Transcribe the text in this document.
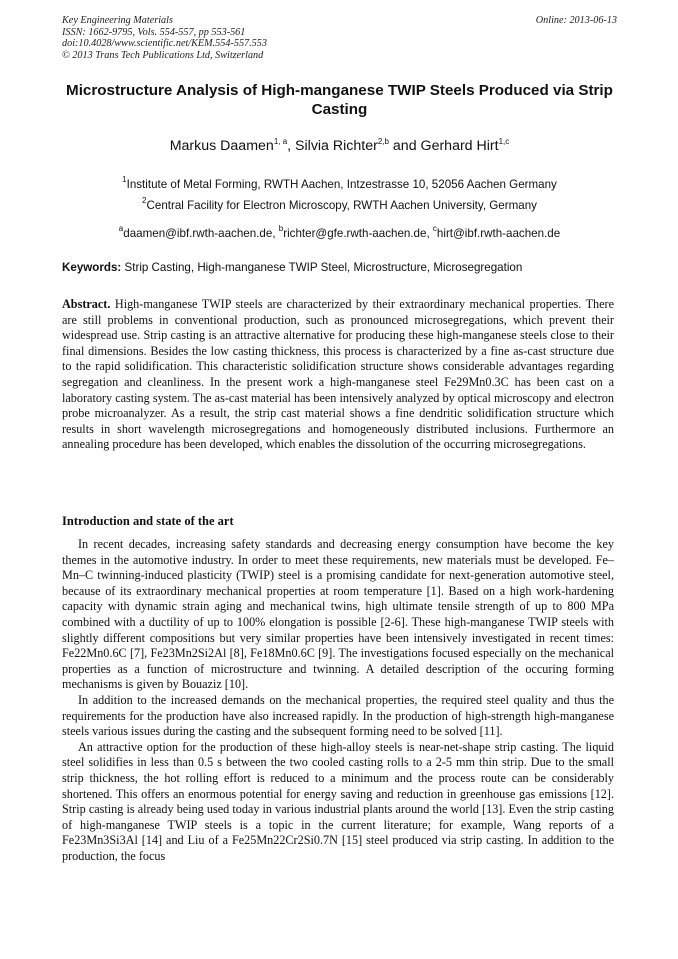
Key Engineering Materials
ISSN: 1662-9795, Vols. 554-557, pp 553-561
doi:10.4028/www.scientific.net/KEM.554-557.553
© 2013 Trans Tech Publications Ltd, Switzerland
Online: 2013-06-13
Microstructure Analysis of High-manganese TWIP Steels Produced via Strip Casting
Markus Daamen$^{1, a}$, Silvia Richter$^{2,b}$ and Gerhard Hirt$^{1,c}$
$^1$Institute of Metal Forming, RWTH Aachen, Intzestrasse 10, 52056 Aachen Germany
$^2$Central Facility for Electron Microscopy, RWTH Aachen University, Germany
$^a$daamen@ibf.rwth-aachen.de, $^b$richter@gfe.rwth-aachen.de, $^c$hirt@ibf.rwth-aachen.de
Keywords: Strip Casting, High-manganese TWIP Steel, Microstructure, Microsegregation
Abstract. High-manganese TWIP steels are characterized by their extraordinary mechanical properties. There are still problems in conventional production, such as pronounced microsegregations, which prevent their widespread use. Strip casting is an attractive alternative for producing these high-manganese steels close to their final dimensions. Besides the low casting thickness, this process is characterized by a fine as-cast structure due to the rapid solidification. This characteristic solidification structure shows considerable advantages regarding segregation and cleanliness. In the present work a high-manganese steel Fe29Mn0.3C has been cast on a laboratory casting system. The as-cast material has been intensively analyzed by optical microscopy and electron probe microanalyzer. As a result, the strip cast material shows a fine dendritic solidification structure which results in short wavelength microsegregations and homogeneously distributed inclusions. Furthermore an annealing procedure has been developed, which enables the dissolution of the occurring microsegregations.
Introduction and state of the art

In recent decades, increasing safety standards and decreasing energy consumption have become the key themes in the automotive industry. In order to meet these requirements, new materials must be developed. Fe–Mn–C twinning-induced plasticity (TWIP) steel is a promising candidate for next-generation automotive steel, because of its extraordinary mechanical properties at room temperature [1]. Based on a high work-hardening capacity with dynamic strain aging and mechanical twins, high ultimate tensile strength of up to 800 MPa combined with a ductility of up to 100% elongation is possible [2-6]. These high-manganese TWIP steels with slightly different compositions but very similar properties have been intensively investigated in recent times: Fe22Mn0.6C [7], Fe23Mn2Si2Al [8], Fe18Mn0.6C [9]. The investigations focused especially on the mechanical properties as a function of microstructure and twinning. A detailed description of the occuring forming mechanisms is given by Bouaziz [10].

In addition to the increased demands on the mechanical properties, the required steel quality and thus the requirements for the production have also increased rapidly. In the production of high-strength high-manganese steels various issues during the casting and the subsequent forming need to be solved [11].

An attractive option for the production of these high-alloy steels is near-net-shape strip casting. The liquid steel solidifies in less than 0.5 s between the two cooled casting rolls to a 2-5 mm thin strip. Due to the small strip thickness, the hot rolling effort is reduced to a minimum and the process route can be considerably shortened. This offers an enormous potential for energy saving and reduction in greenhouse gas emissions [12]. Strip casting is already being used today in various industrial plants around the world [13]. Even the strip casting of high-manganese TWIP steels is a topic in the current literature; for example, Wang reports of a Fe23Mn3Si3Al [14] and Liu of a Fe25Mn22Cr2Si0.7N [15] steel produced via strip casting. In addition to the production, the focus
